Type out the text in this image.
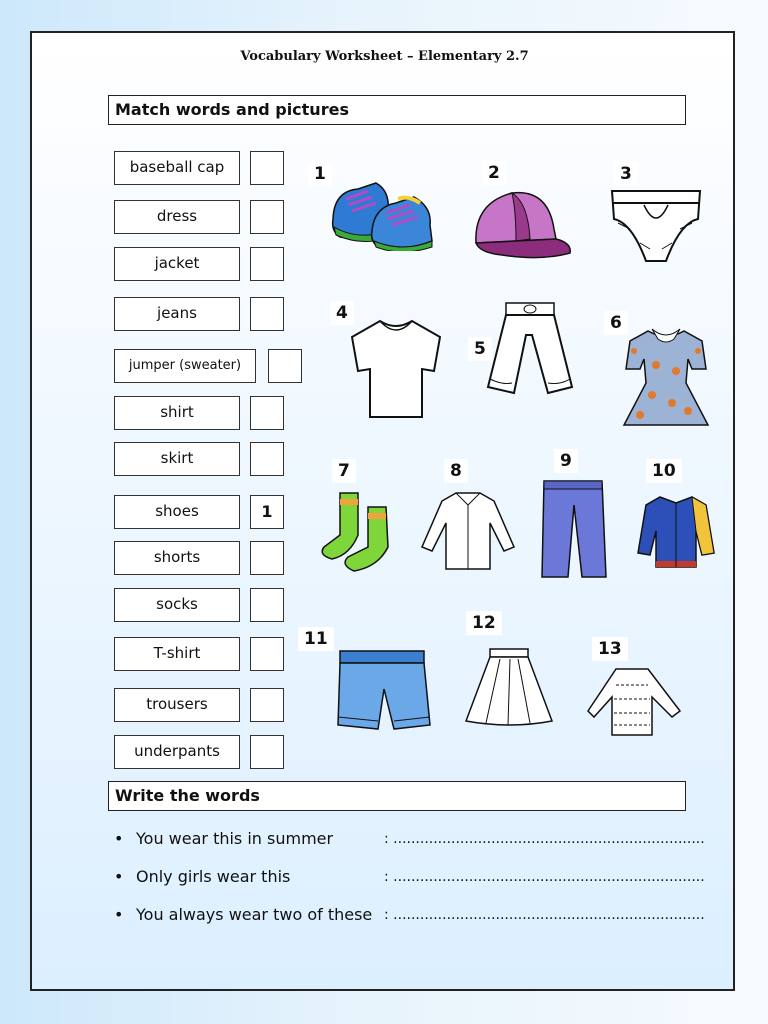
Vocabulary Worksheet – Elementary 2.7
Match words and pictures
baseball cap
dress
jacket
jeans
jumper (sweater)
shirt
skirt
shoes	1
shorts
socks
T-shirt
trousers
underpants
1	2	3
4
5
6
7	8	9	10
11
12
13
Write the words
• You wear this in summer	: ......................................................................
• Only girls wear this	: ......................................................................
• You always wear two of these : ......................................................................
